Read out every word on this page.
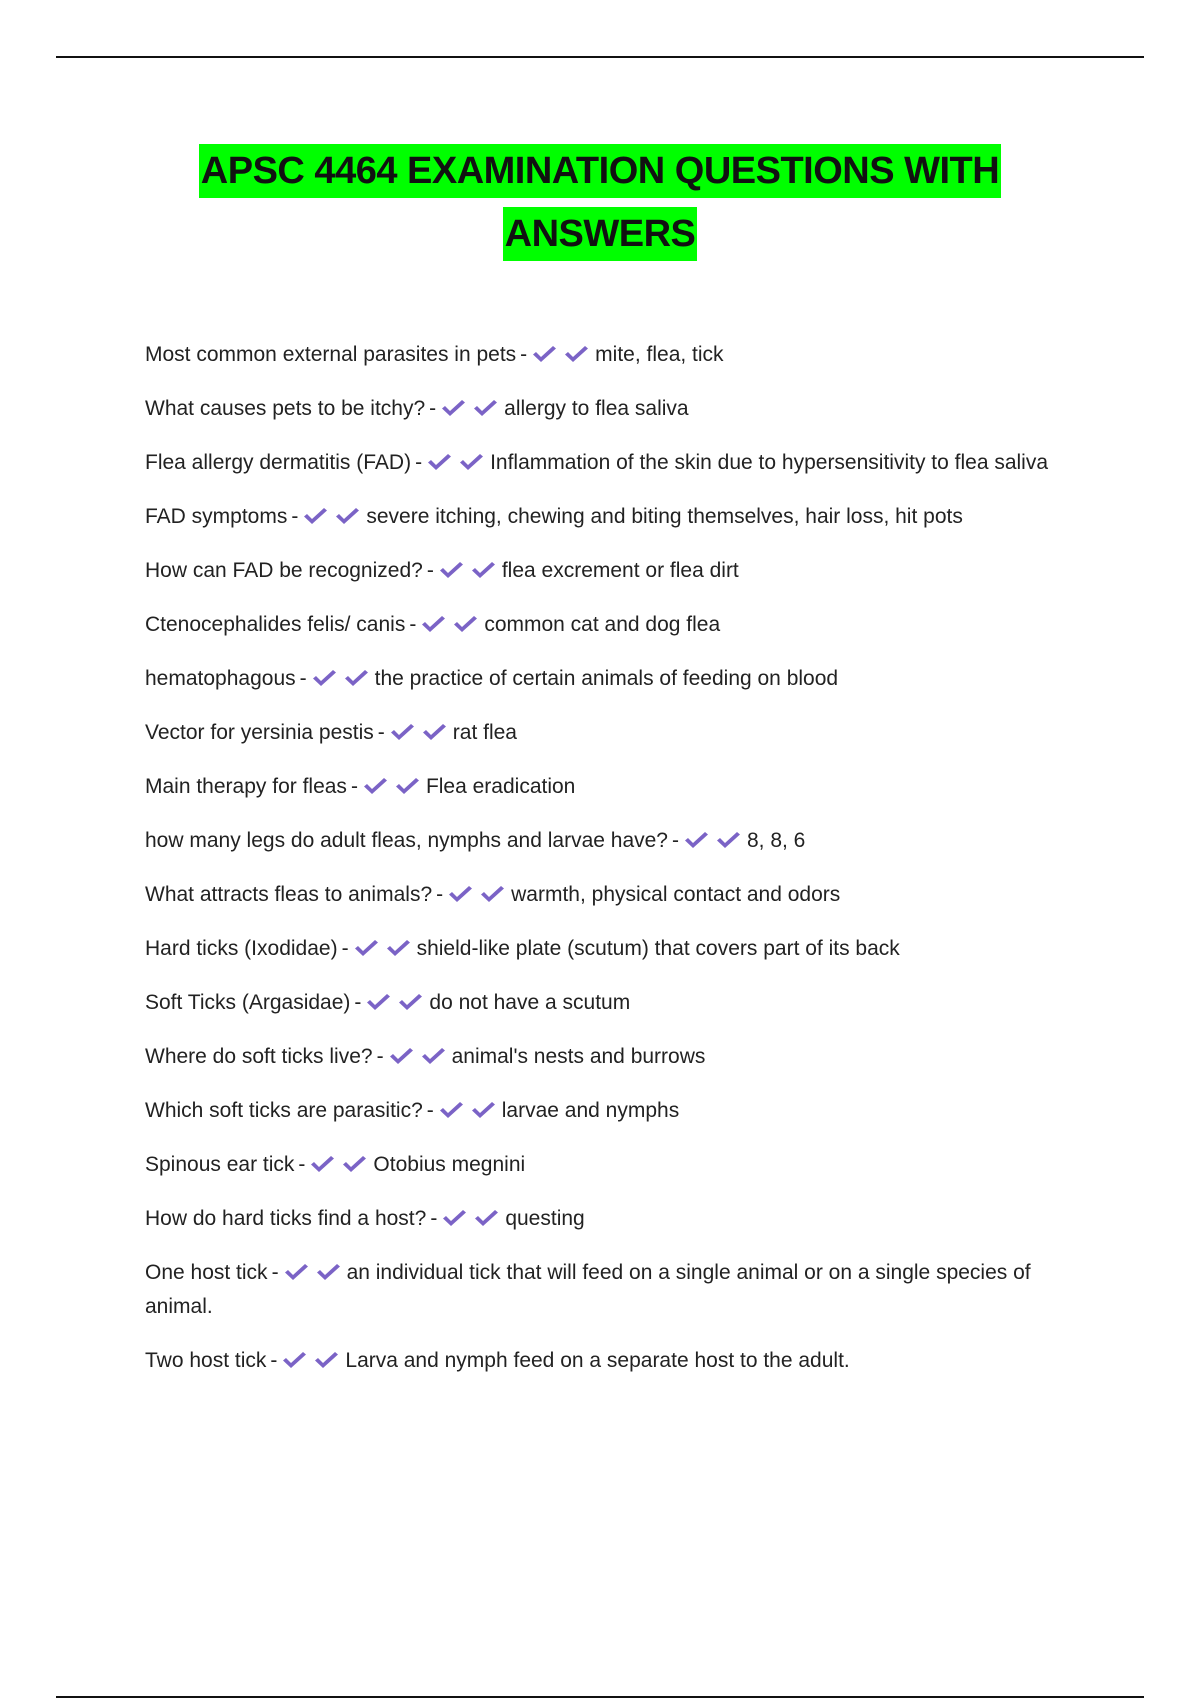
APSC 4464 EXAMINATION QUESTIONS WITH
ANSWERS
Most common external parasites in pets -	mite, flea, tick
What causes pets to be itchy? -	allergy to flea saliva
Flea allergy dermatitis (FAD) -	Inflammation of the skin due to hypersensitivity to flea saliva
FAD symptoms -	severe itching, chewing and biting themselves, hair loss, hit pots
How can FAD be recognized? -	flea excrement or flea dirt
Ctenocephalides felis/ canis -	common cat and dog flea
hematophagous -	the practice of certain animals of feeding on blood
Vector for yersinia pestis -	rat flea
Main therapy for fleas -	Flea eradication
how many legs do adult fleas, nymphs and larvae have? -	8, 8, 6
What attracts fleas to animals? -	warmth, physical contact and odors
Hard ticks (Ixodidae) -	shield-like plate (scutum) that covers part of its back
Soft Ticks (Argasidae) -	do not have a scutum
Where do soft ticks live? -	animal's nests and burrows
Which soft ticks are parasitic? -	larvae and nymphs
Spinous ear tick -	Otobius megnini
How do hard ticks find a host? -	questing
One host tick -	an individual tick that will feed on a single animal or on a single species of animal.
Two host tick -	Larva and nymph feed on a separate host to the adult.
